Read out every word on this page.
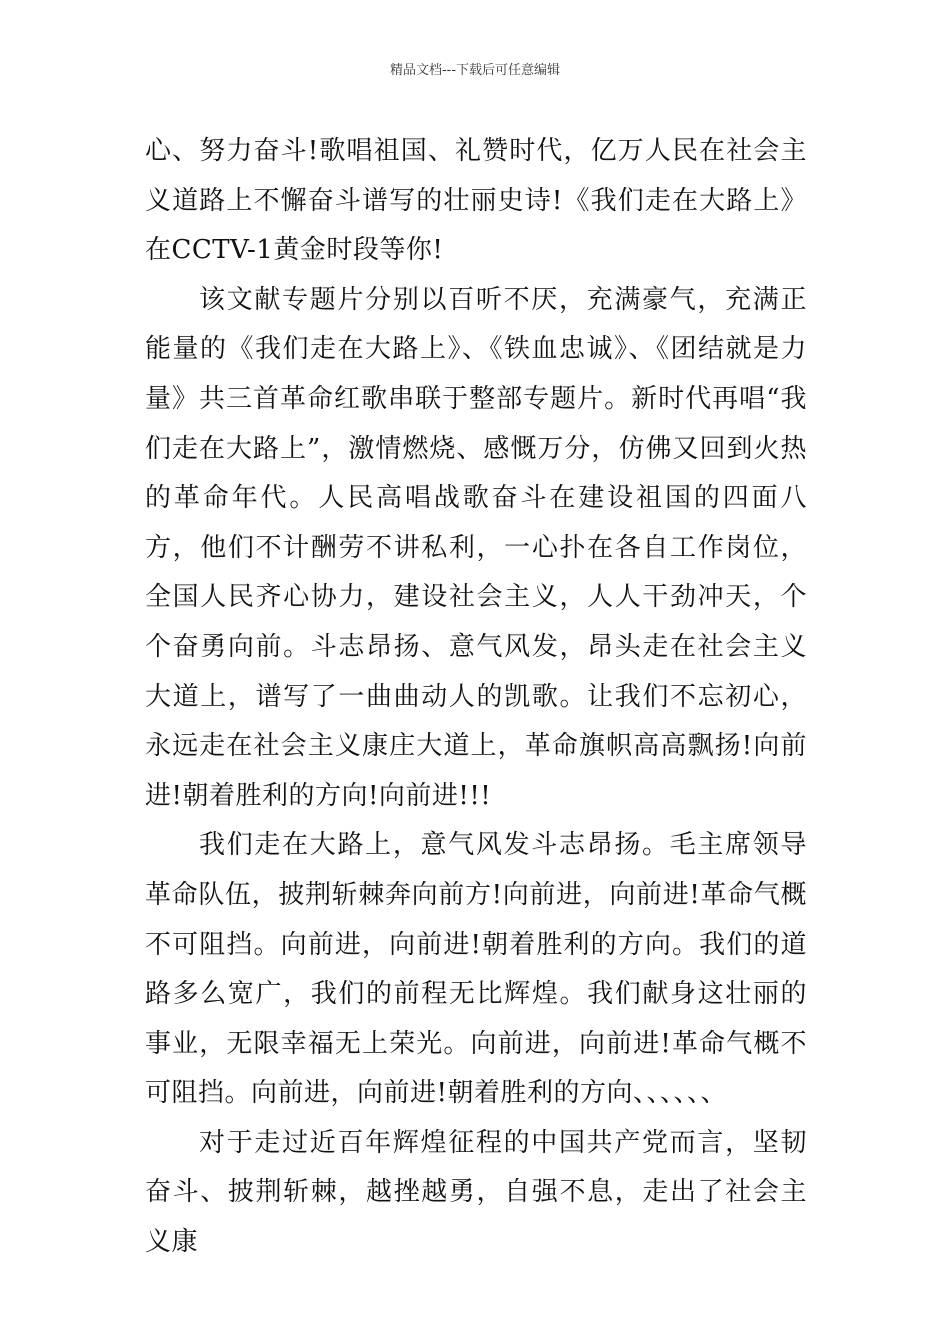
精品文档---下载后可任意编辑

心、努力奋斗!歌唱祖国、礼赞时代，亿万人民在社会主义道路上不懈奋斗谱写的壮丽史诗!《我们走在大路上》在CCTV-1黄金时段等你!

该文献专题片分别以百听不厌，充满豪气，充满正能量的《我们走在大路上》、《铁血忠诚》、《团结就是力量》共三首革命红歌串联于整部专题片。新时代再唱“我们走在大路上”，激情燃烧、感慨万分，仿佛又回到火热的革命年代。人民高唱战歌奋斗在建设祖国的四面八方，他们不计酬劳不讲私利，一心扑在各自工作岗位，全国人民齐心协力，建设社会主义，人人干劲冲天，个个奋勇向前。斗志昂扬、意气风发，昂头走在社会主义大道上，谱写了一曲曲动人的凯歌。让我们不忘初心，永远走在社会主义康庄大道上，革命旗帜高高飘扬!向前进!朝着胜利的方向!向前进!!!

我们走在大路上，意气风发斗志昂扬。毛主席领导革命队伍，披荆斩棘奔向前方!向前进，向前进!革命气概不可阻挡。向前进，向前进!朝着胜利的方向。我们的道路多么宽广，我们的前程无比辉煌。我们献身这壮丽的事业，无限幸福无上荣光。向前进，向前进!革命气概不可阻挡。向前进，向前进!朝着胜利的方向、、、、、、

对于走过近百年辉煌征程的中国共产党而言，坚韧奋斗、披荆斩棘，越挫越勇，自强不息，走出了社会主义康
